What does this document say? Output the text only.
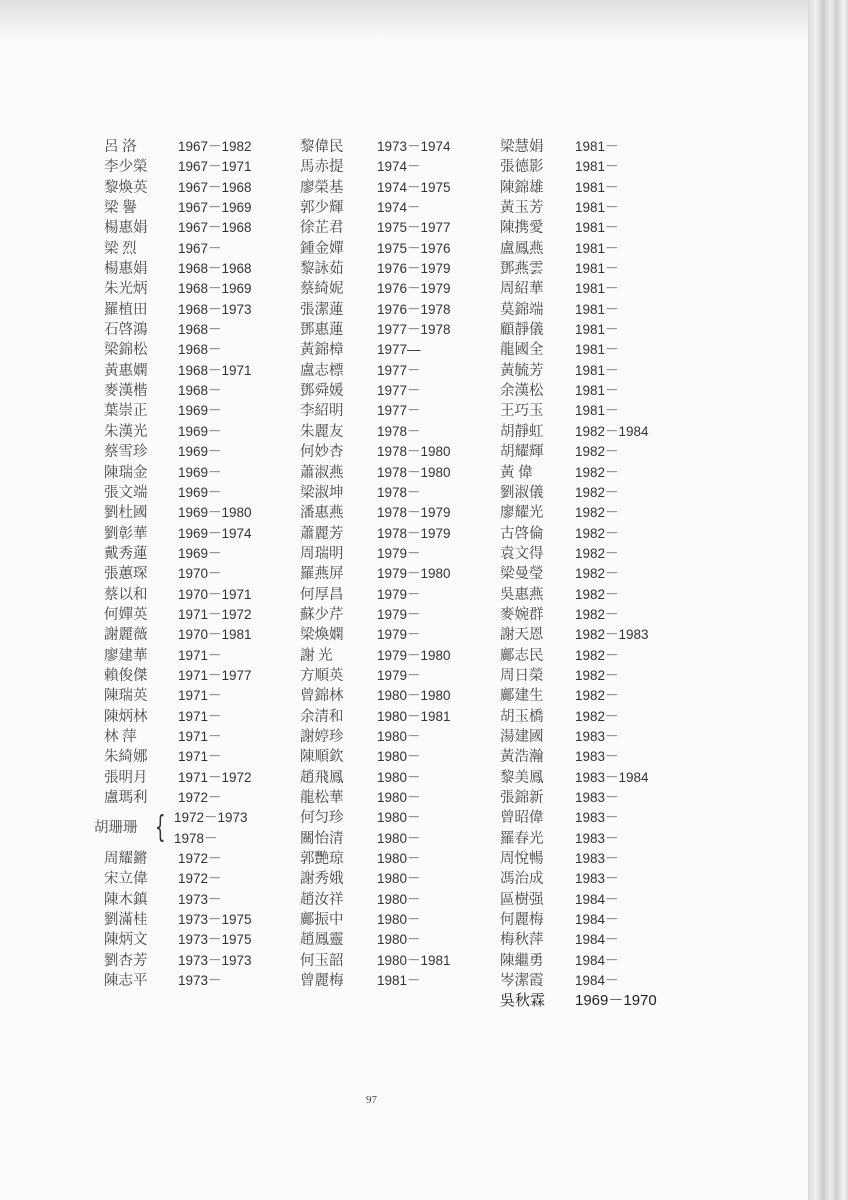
呂 洛	1967－1982
李少榮 1967－1971
黎煥英 1967－1968
梁 譽	1967－1969
楊惠娟 1967－1968
梁 烈	1967－
楊惠娟 1968－1968
朱光炳 1968－1969
羅植田 1968－1973
石啓鴻 1968－
梁錦松 1968－
黃惠嫻 1968－1971
麥漢楷 1968－
葉崇正 1969－
朱漢光 1969－
蔡雪珍 1969－
陳瑞金 1969－
張文端 1969－
劉杜國 1969－1980
劉彰華 1969－1974
戴秀蓮 1969－
張蕙琛 1970－
蔡以和 1970－1971
何嬋英 1971－1972
謝麗薇 1970－1981
廖建華 1971－
賴俊傑 1971－1977
陳瑞英 1971－
陳炳林 1971－
林 萍	1971－
朱綺娜 1971－
張明月 1971－1972
盧瑪利 1972－
胡珊珊 { 1972－1973
1978－
周耀鏘 1972－
宋立偉 1972－
陳木鎮 1973－
劉滿桂 1973－1975
陳炳文 1973－1975
劉杏芳 1973－1973
陳志平 1973－
黎偉民 1973－1974
馬赤提 1974－
廖榮基 1974－1975
郭少輝 1974－
徐芷君 1975－1977
鍾金嬋 1975－1976
黎詠茹 1976－1979
蔡綺妮 1976－1979
張潔蓮 1976－1978
鄧惠蓮 1977－1978
黃錦樟 1977―
盧志標 1977－
鄧舜媛 1977－
李紹明 1977－
朱麗友 1978－
何妙杏 1978－1980
蕭淑燕 1978－1980
梁淑坤 1978－
潘惠燕 1978－1979
蕭麗芳 1978－1979
周瑞明 1979－
羅燕屏 1979－1980
何厚昌 1979－
蘇少芹 1979－
梁煥嫻 1979－
謝 光	1979－1980
方順英 1979－
曾錦林 1980－1980
余清和 1980－1981
謝婷珍 1980－
陳順欽 1980－
趙飛鳳 1980－
龍松華 1980－
何匀珍 1980－
關怡清 1980－
郭艷琼 1980－
謝秀娥 1980－
趙汝祥 1980－
鄺振中 1980－
趙鳳靈 1980－
何玉韶 1980－1981
曾麗梅 1981－
梁慧娟 1981－
張德影 1981－
陳錦雄 1981－
黃玉芳 1981－
陳携愛 1981－
盧鳳燕 1981－
鄧燕雲 1981－
周紹華 1981－
莫錦端 1981－
顧靜儀 1981－
龍國全 1981－
黃毓芳 1981－
余漢松 1981－
王巧玉 1981－
胡靜虹 1982－1984
胡耀輝 1982－
黃 偉	1982－
劉淑儀 1982－
廖耀光 1982－
古啓倫 1982－
袁文得 1982－
梁曼瑩 1982－
吳惠燕 1982－
麥婉群 1982－
謝天恩 1982－1983
鄺志民 1982－
周日榮 1982－
鄺建生 1982－
胡玉橋 1982－
湯建國 1983－
黃浩瀚 1983－
黎美鳳 1983－1984
張錦新 1983－
曾昭偉 1983－
羅春光 1983－
周悅暢 1983－
馮治成 1983－
區樹强 1984－
何麗梅 1984－
梅秋萍 1984－
陳繼勇 1984－
岑潔霞 1984－
吳秋霖 1969－1970
97
